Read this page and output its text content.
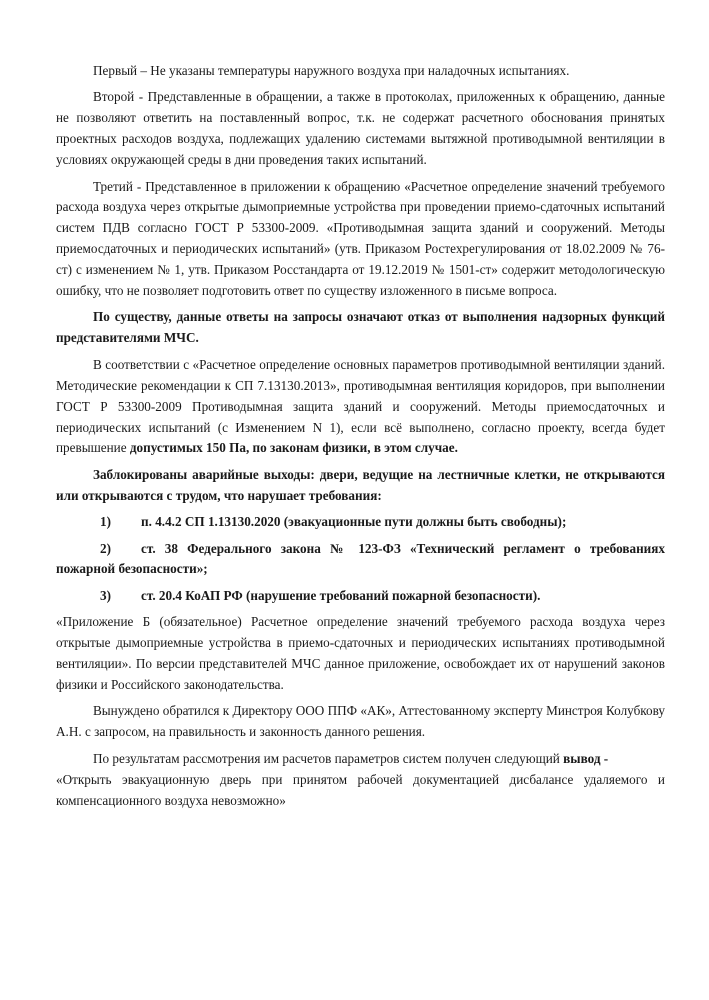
Первый – Не указаны температуры наружного воздуха при наладочных испытаниях.

Второй - Представленные в обращении, а также в протоколах, приложенных к обращению, данные не позволяют ответить на поставленный вопрос, т.к. не содержат расчетного обоснования принятых проектных расходов воздуха, подлежащих удалению системами вытяжной противодымной вентиляции в условиях окружающей среды в дни проведения таких испытаний.

Третий - Представленное в приложении к обращению «Расчетное определение значений требуемого расхода воздуха через открытые дымоприемные устройства при проведении приемо-сдаточных испытаний систем ПДВ согласно ГОСТ Р 53300-2009. «Противодымная защита зданий и сооружений. Методы приемосдаточных и периодических испытаний» (утв. Приказом Ростехрегулирования от 18.02.2009 № 76-ст) с изменением № 1, утв. Приказом Росстандарта от 19.12.2019 № 1501-ст» содержит методологическую ошибку, что не позволяет подготовить ответ по существу изложенного в письме вопроса.

По существу, данные ответы на запросы означают отказ от выполнения надзорных функций представителями МЧС.

В соответствии с «Расчетное определение основных параметров противодымной вентиляции зданий. Методические рекомендации к СП 7.13130.2013», противодымная вентиляция коридоров, при выполнении ГОСТ Р 53300-2009 Противодымная защита зданий и сооружений. Методы приемосдаточных и периодических испытаний (с Изменением N 1), если всё выполнено, согласно проекту, всегда будет превышение допустимых 150 Па, по законам физики, в этом случае.

Заблокированы аварийные выходы: двери, ведущие на лестничные клетки, не открываются или открываются с трудом, что нарушает требования:

1)	п. 4.4.2 СП 1.13130.2020 (эвакуационные пути должны быть свободны);
2)	ст. 38 Федерального закона № 123-ФЗ «Технический регламент о требованиях
пожарной безопасности»;
3)	ст. 20.4 КоАП РФ (нарушение требований пожарной безопасности).

«Приложение Б (обязательное) Расчетное определение значений требуемого расхода воздуха через открытые дымоприемные устройства в приемо-сдаточных и периодических испытаниях противодымной вентиляции». По версии представителей МЧС данное приложение, освобождает их от нарушений законов физики и Российского законодательства.

Вынуждено обратился к Директору ООО ППФ «АК», Аттестованному эксперту Минстроя Колубкову А.Н. с запросом, на правильность и законность данного решения.

По результатам рассмотрения им расчетов параметров систем получен следующий вывод -

«Открыть эвакуационную дверь при принятом рабочей документацией дисбалансе удаляемого и компенсационного воздуха невозможно»
